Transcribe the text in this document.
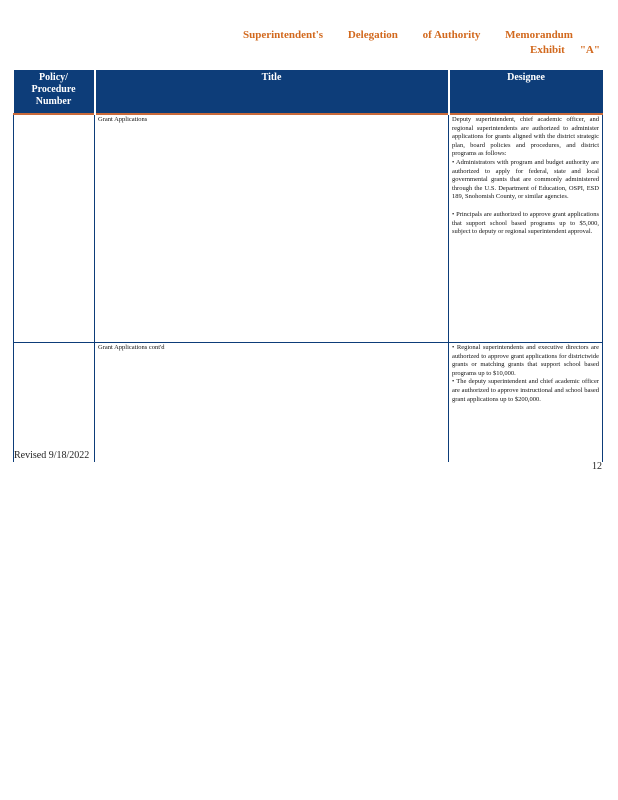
Superintendent's Delegation of Authority Memorandum
Exhibit "A"
Policy/ Procedure Number	Title	Designee
	Grant Applications	Deputy superintendent, chief academic officer, and regional superintendents are authorized to administer applications for grants aligned with the district strategic plan, board policies and procedures, and district programs as follows:

• Administrators with program and budget authority are authorized to apply for federal, state and local governmental grants that are commonly administered through the U.S. Department of Education, OSPI, ESD 189, Snohomish County, or similar agencies.

• Principals are authorized to approve grant applications that support school based programs up to $5,000, subject to deputy or regional superintendent approval.

	Grant Applications cont'd	• Regional superintendents and executive directors are authorized to approve grant applications for districtwide grants or matching grants that support school based programs up to $10,000.

• The deputy superintendent and chief academic officer are authorized to approve instructional and school based grant applications up to $200,000.

Revised 9/18/2022
12
